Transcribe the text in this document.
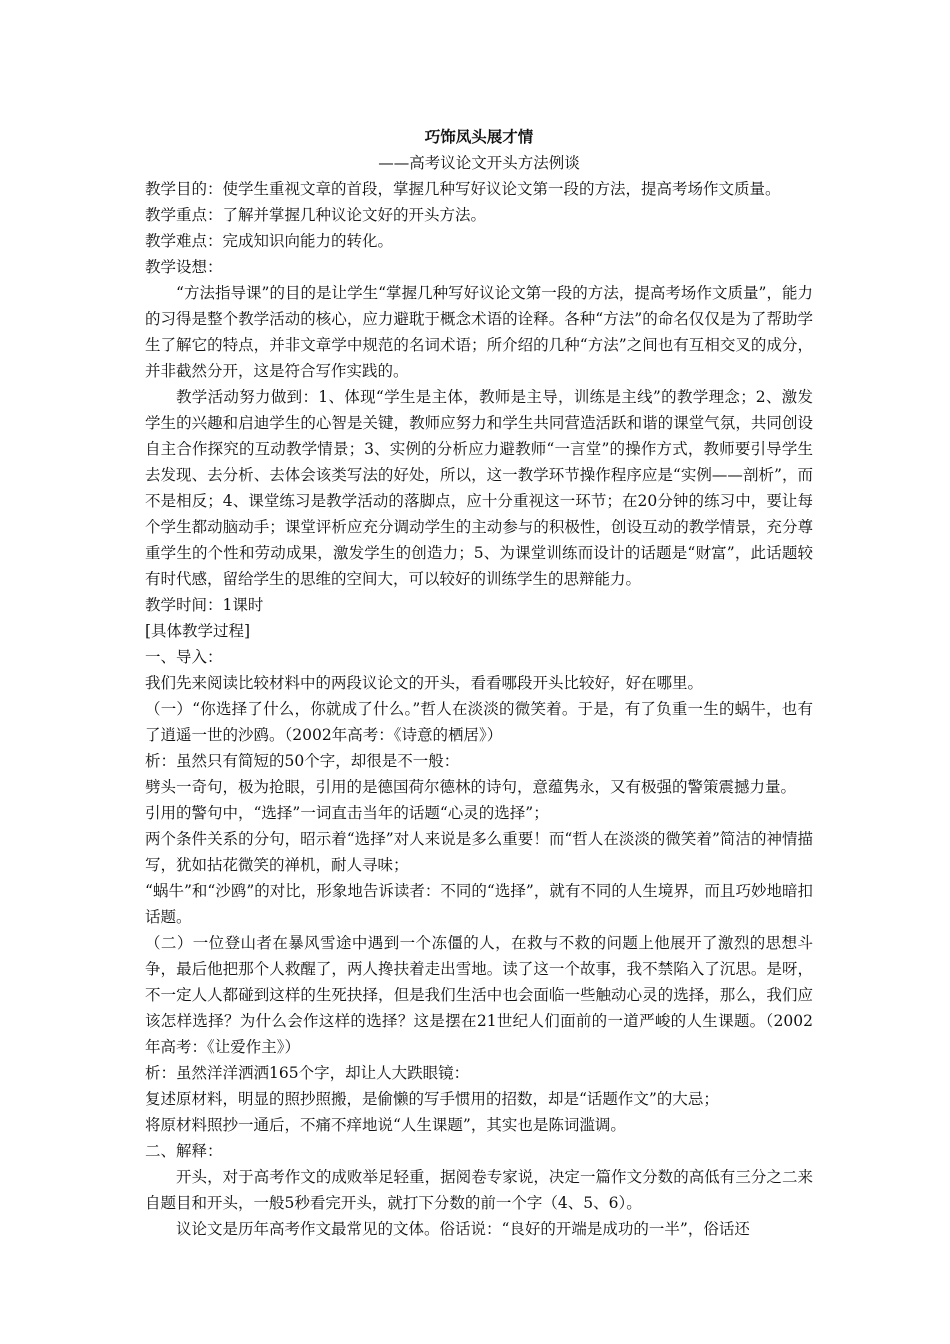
巧饰凤头展才情

——高考议论文开头方法例谈

教学目的：使学生重视文章的首段，掌握几种写好议论文第一段的方法，提高考场作文质量。

教学重点：了解并掌握几种议论文好的开头方法。

教学难点：完成知识向能力的转化。

教学设想：

“方法指导课”的目的是让学生“掌握几种写好议论文第一段的方法，提高考场作文质量”，能力的习得是整个教学活动的核心，应力避耽于概念术语的诠释。各种“方法”的命名仅仅是为了帮助学生了解它的特点，并非文章学中规范的名词术语；所介绍的几种“方法”之间也有互相交叉的成分，并非截然分开，这是符合写作实践的。

教学活动努力做到：1、体现“学生是主体，教师是主导，训练是主线”的教学理念；2、激发学生的兴趣和启迪学生的心智是关键，教师应努力和学生共同营造活跃和谐的课堂气氛，共同创设自主合作探究的互动教学情景；3、实例的分析应力避教师“一言堂”的操作方式，教师要引导学生去发现、去分析、去体会该类写法的好处，所以，这一教学环节操作程序应是“实例——剖析”，而不是相反；4、课堂练习是教学活动的落脚点，应十分重视这一环节；在20分钟的练习中，要让每个学生都动脑动手；课堂评析应充分调动学生的主动参与的积极性，创设互动的教学情景，充分尊重学生的个性和劳动成果，激发学生的创造力；5、为课堂训练而设计的话题是“财富”，此话题较有时代感，留给学生的思维的空间大，可以较好的训练学生的思辩能力。

教学时间：1课时

[具体教学过程]

一、导入：

我们先来阅读比较材料中的两段议论文的开头，看看哪段开头比较好，好在哪里。

（一）“你选择了什么，你就成了什么。”哲人在淡淡的微笑着。于是，有了负重一生的蜗牛，也有了逍遥一世的沙鸥。（2002年高考：《诗意的栖居》）

析：虽然只有简短的50个字，却很是不一般：

劈头一奇句，极为抢眼，引用的是德国荷尔德林的诗句，意蕴隽永，又有极强的警策震撼力量。

引用的警句中，“选择”一词直击当年的话题“心灵的选择”；

两个条件关系的分句，昭示着“选择”对人来说是多么重要！而“哲人在淡淡的微笑着”简洁的神情描写，犹如拈花微笑的禅机，耐人寻味；

“蜗牛”和“沙鸥”的对比，形象地告诉读者：不同的“选择”，就有不同的人生境界，而且巧妙地暗扣话题。

（二）一位登山者在暴风雪途中遇到一个冻僵的人，在救与不救的问题上他展开了激烈的思想斗争，最后他把那个人救醒了，两人搀扶着走出雪地。读了这一个故事，我不禁陷入了沉思。是呀，不一定人人都碰到这样的生死抉择，但是我们生活中也会面临一些触动心灵的选择，那么，我们应该怎样选择？为什么会作这样的选择？这是摆在21世纪人们面前的一道严峻的人生课题。（2002年高考：《让爱作主》）

析：虽然洋洋洒洒165个字，却让人大跌眼镜：

复述原材料，明显的照抄照搬，是偷懒的写手惯用的招数，却是“话题作文”的大忌；

将原材料照抄一通后，不痛不痒地说“人生课题”，其实也是陈词滥调。

二、解释：

开头，对于高考作文的成败举足轻重，据阅卷专家说，决定一篇作文分数的高低有三分之二来自题目和开头，一般5秒看完开头，就打下分数的前一个字（4、5、6）。

议论文是历年高考作文最常见的文体。俗话说：“良好的开端是成功的一半”，俗话还
